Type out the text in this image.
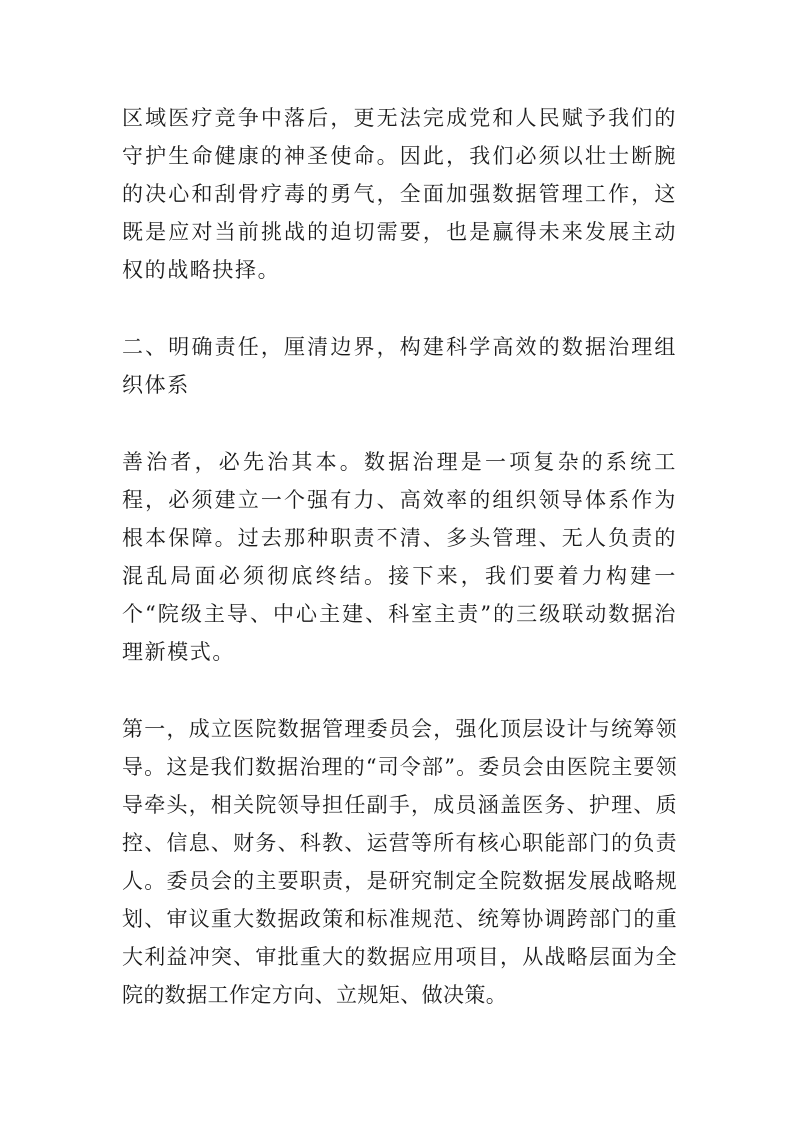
区域医疗竞争中落后，更无法完成党和人民赋予我们的守护生命健康的神圣使命。因此，我们必须以壮士断腕的决心和刮骨疗毒的勇气，全面加强数据管理工作，这既是应对当前挑战的迫切需要，也是赢得未来发展主动权的战略抉择。

二、明确责任，厘清边界，构建科学高效的数据治理组织体系

善治者，必先治其本。数据治理是一项复杂的系统工程，必须建立一个强有力、高效率的组织领导体系作为根本保障。过去那种职责不清、多头管理、无人负责的混乱局面必须彻底终结。接下来，我们要着力构建一个“院级主导、中心主建、科室主责”的三级联动数据治理新模式。

第一，成立医院数据管理委员会，强化顶层设计与统筹领导。这是我们数据治理的“司令部”。委员会由医院主要领导牵头，相关院领导担任副手，成员涵盖医务、护理、质控、信息、财务、科教、运营等所有核心职能部门的负责人。委员会的主要职责，是研究制定全院数据发展战略规划、审议重大数据政策和标准规范、统筹协调跨部门的重大利益冲突、审批重大的数据应用项目，从战略层面为全院的数据工作定方向、立规矩、做决策。
